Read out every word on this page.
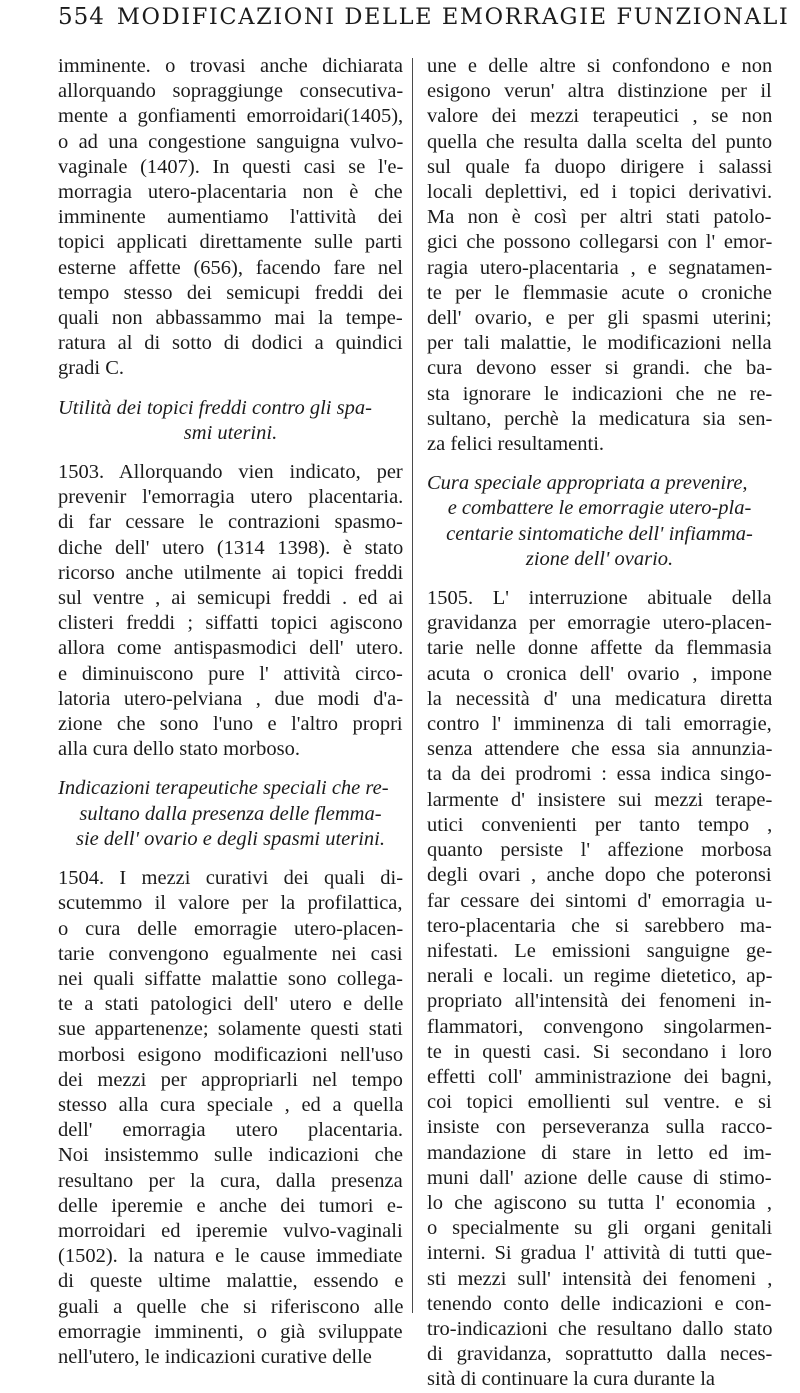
554 MODIFICAZIONI DELLE EMORRAGIE FUNZIONALI
imminente. o trovasi anche dichiarata
allorquando sopraggiunge consecutiva-
mente a gonfiamenti emorroidari(1405),
o ad una congestione sanguigna vulvo-
vaginale (1407). In questi casi se l'e-
morragia utero-placentaria non è che
imminente aumentiamo l'attività dei
topici applicati direttamente sulle parti
esterne affette (656), facendo fare nel
tempo stesso dei semicupi freddi dei
quali non abbassammo mai la tempe-
ratura al di sotto di dodici a quindici
gradi C.
Utilità dei topici freddi contro gli spa-
smi uterini.
1503. Allorquando vien indicato, per
prevenir l'emorragia utero placentaria.
di far cessare le contrazioni spasmo-
diche dell' utero (1314 1398). è stato
ricorso anche utilmente ai topici freddi
sul ventre , ai semicupi freddi . ed ai
clisteri freddi ; siffatti topici agiscono
allora come antispasmodici dell' utero.
e diminuiscono pure l' attività circo-
latoria utero-pelviana , due modi d'a-
zione che sono l'uno e l'altro propri
alla cura dello stato morboso.
Indicazioni terapeutiche speciali che re-
sultano dalla presenza delle flemma-
sie dell' ovario e degli spasmi uterini.
1504. I mezzi curativi dei quali di-
scutemmo il valore per la profilattica,
o cura delle emorragie utero-placen-
tarie convengono egualmente nei casi
nei quali siffatte malattie sono collega-
te a stati patologici dell' utero e delle
sue appartenenze; solamente questi stati
morbosi esigono modificazioni nell'uso
dei mezzi per appropriarli nel tempo
stesso alla cura speciale , ed a quella
dell' emorragia utero placentaria.
Noi insistemmo sulle indicazioni che
resultano per la cura, dalla presenza
delle iperemie e anche dei tumori e-
morroidari ed iperemie vulvo-vaginali
(1502). la natura e le cause immediate
di queste ultime malattie, essendo e
guali a quelle che si riferiscono alle
emorragie imminenti, o già sviluppate
nell'utero, le indicazioni curative delle
une e delle altre si confondono e non
esigono verun' altra distinzione per il
valore dei mezzi terapeutici , se non
quella che resulta dalla scelta del punto
sul quale fa duopo dirigere i salassi
locali deplettivi, ed i topici derivativi.
Ma non è così per altri stati patolo-
gici che possono collegarsi con l' emor-
ragia utero-placentaria , e segnatamen-
te per le flemmasie acute o croniche
dell' ovario, e per gli spasmi uterini;
per tali malattie, le modificazioni nella
cura devono esser si grandi. che ba-
sta ignorare le indicazioni che ne re-
sultano, perchè la medicatura sia sen-
za felici resultamenti.
Cura speciale appropriata a prevenire,
e combattere le emorragie utero-pla-
centarie sintomatiche dell' infiamma-
zione dell' ovario.
1505. L' interruzione abituale della
gravidanza per emorragie utero-placen-
tarie nelle donne affette da flemmasia
acuta o cronica dell' ovario , impone
la necessità d' una medicatura diretta
contro l' imminenza di tali emorragie,
senza attendere che essa sia annunzia-
ta da dei prodromi : essa indica singo-
larmente d' insistere sui mezzi terape-
utici convenienti per tanto tempo ,
quanto persiste l' affezione morbosa
degli ovari , anche dopo che poteronsi
far cessare dei sintomi d' emorragia u-
tero-placentaria che si sarebbero ma-
nifestati. Le emissioni sanguigne ge-
nerali e locali. un regime dietetico, ap-
propriato all'intensità dei fenomeni in-
flammatori, convengono singolarmen-
te in questi casi. Si secondano i loro
effetti coll' amministrazione dei bagni,
coi topici emollienti sul ventre. e si
insiste con perseveranza sulla racco-
mandazione di stare in letto ed im-
muni dall' azione delle cause di stimo-
lo che agiscono su tutta l' economia ,
o specialmente su gli organi genitali
interni. Si gradua l' attività di tutti que-
sti mezzi sull' intensità dei fenomeni ,
tenendo conto delle indicazioni e con-
tro-indicazioni che resultano dallo stato
di gravidanza, soprattutto dalla neces-
sità di continuare la cura durante la
